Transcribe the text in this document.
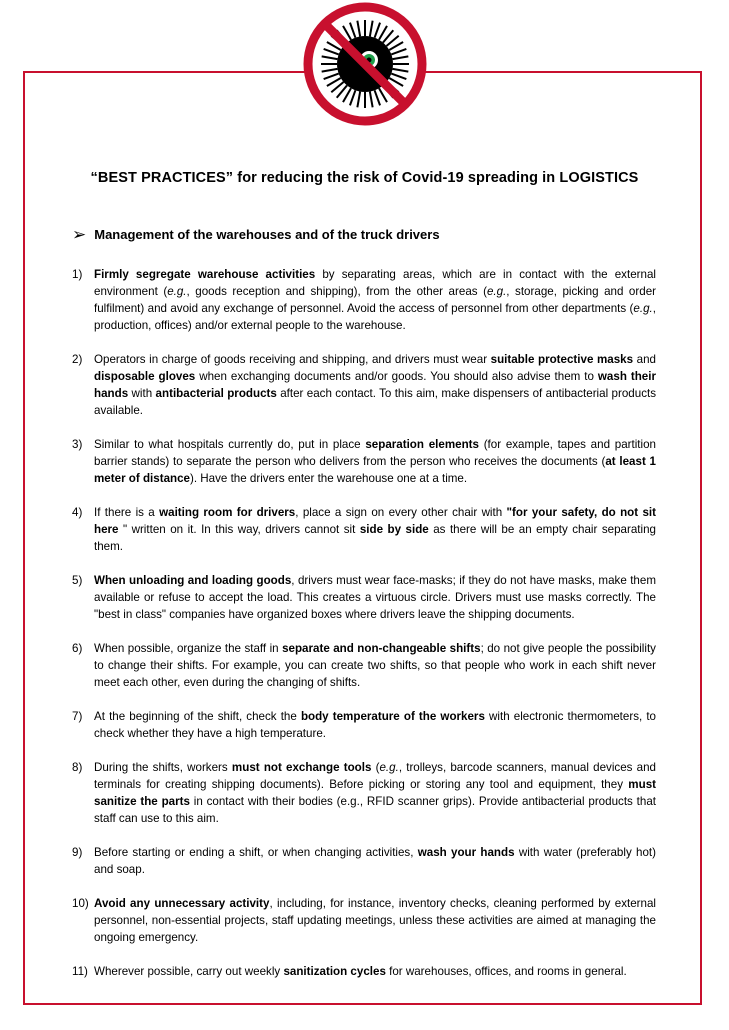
“BEST PRACTICES” for reducing the risk of Covid-19 spreading in LOGISTICS
➢ Management of the warehouses and of the truck drivers
1)	Firmly segregate warehouse activities by separating areas, which are in contact with the external environment (e.g., goods reception and shipping), from the other areas (e.g., storage, picking and order fulfilment) and avoid any exchange of personnel. Avoid the access of personnel from other departments (e.g., production, offices) and/or external people to the warehouse.
2)	Operators in charge of goods receiving and shipping, and drivers must wear suitable protective masks and disposable gloves when exchanging documents and/or goods. You should also advise them to wash their hands with antibacterial products after each contact. To this aim, make dispensers of antibacterial products available.
3)	Similar to what hospitals currently do, put in place separation elements (for example, tapes and partition barrier stands) to separate the person who delivers from the person who receives the documents (at least 1 meter of distance). Have the drivers enter the warehouse one at a time.
4)	If there is a waiting room for drivers, place a sign on every other chair with "for your safety, do not sit here " written on it. In this way, drivers cannot sit side by side as there will be an empty chair separating them.
5)	When unloading and loading goods, drivers must wear face-masks; if they do not have masks, make them available or refuse to accept the load. This creates a virtuous circle. Drivers must use masks correctly. The "best in class" companies have organized boxes where drivers leave the shipping documents.
6)	When possible, organize the staff in separate and non-changeable shifts; do not give people the possibility to change their shifts. For example, you can create two shifts, so that people who work in each shift never meet each other, even during the changing of shifts.
7)	At the beginning of the shift, check the body temperature of the workers with electronic thermometers, to check whether they have a high temperature.
8)	During the shifts, workers must not exchange tools (e.g., trolleys, barcode scanners, manual devices and terminals for creating shipping documents). Before picking or storing any tool and equipment, they must sanitize the parts in contact with their bodies (e.g., RFID scanner grips). Provide antibacterial products that staff can use to this aim.
9)	Before starting or ending a shift, or when changing activities, wash your hands with water (preferably hot) and soap.
10) Avoid any unnecessary activity, including, for instance, inventory checks, cleaning performed by external personnel, non-essential projects, staff updating meetings, unless these activities are aimed at managing the ongoing emergency.
11) Wherever possible, carry out weekly sanitization cycles for warehouses, offices, and rooms in general.
